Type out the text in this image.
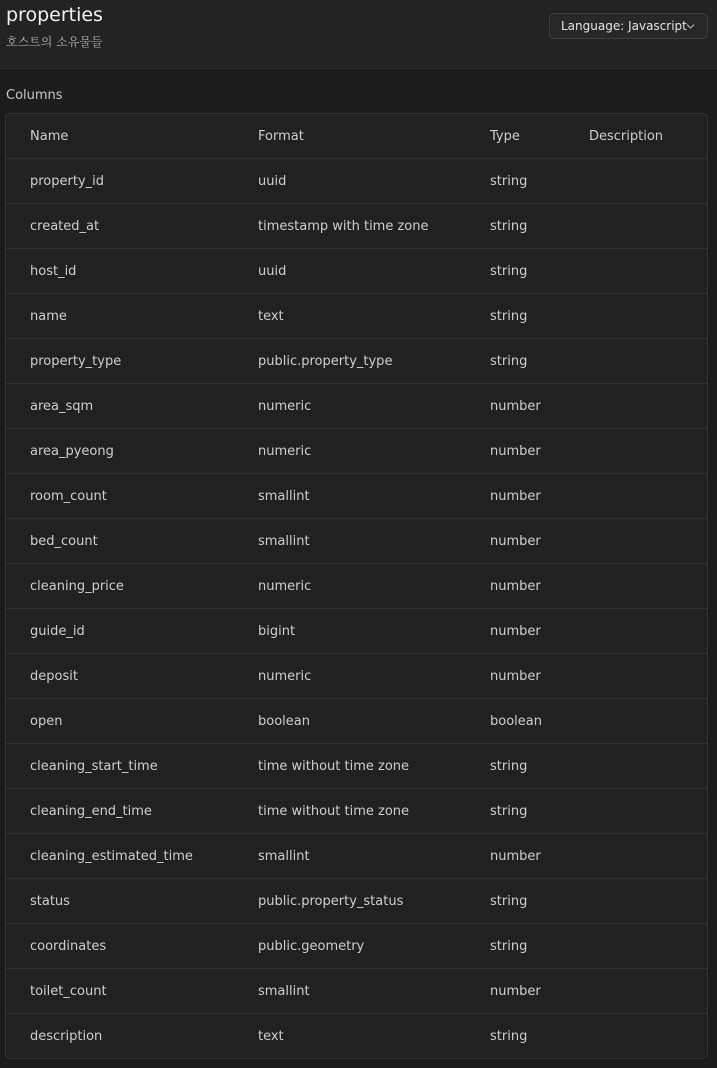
properties
호스트의 소유물들
Language: Javascript
Columns
Name	Format	Type	Description
property_id	uuid	string
created_at	timestamp with time zone	string
host_id	uuid	string
name	text	string
property_type	public.property_type	string
area_sqm	numeric	number
area_pyeong	numeric	number
room_count	smallint	number
bed_count	smallint	number
cleaning_price	numeric	number
guide_id	bigint	number
deposit	numeric	number
open	boolean	boolean
cleaning_start_time	time without time zone	string
cleaning_end_time	time without time zone	string
cleaning_estimated_time	smallint	number
status	public.property_status	string
coordinates	public.geometry	string
toilet_count	smallint	number
description	text	string
